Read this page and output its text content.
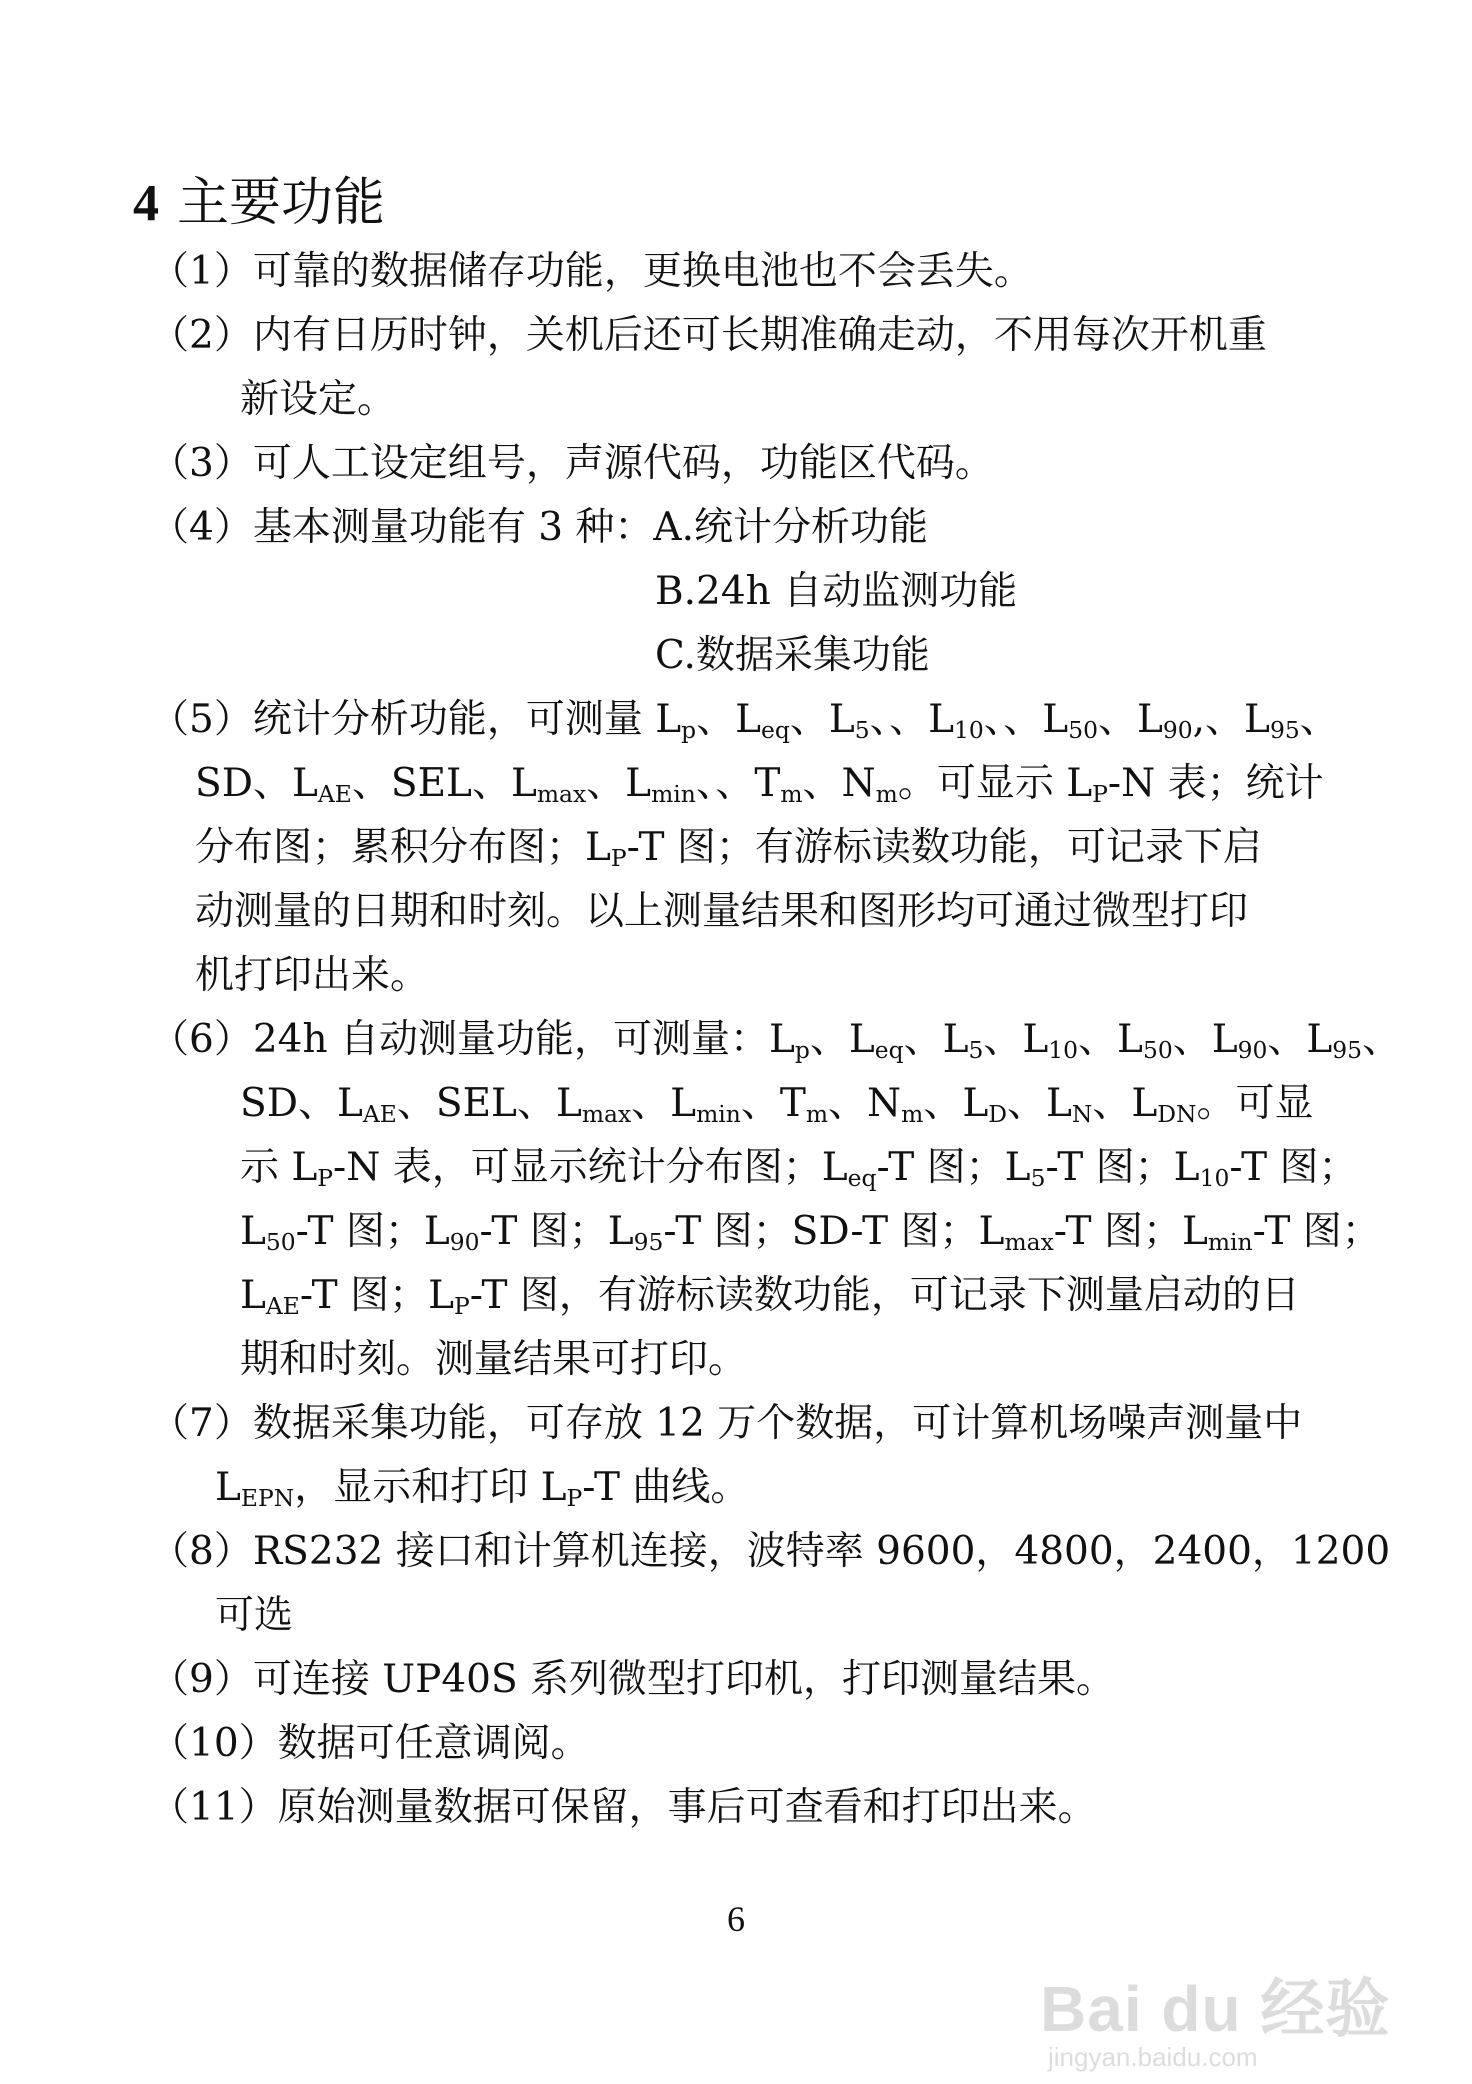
4 主要功能
（1）可靠的数据储存功能，更换电池也不会丢失。
（2）内有日历时钟，关机后还可长期准确走动，不用每次开机重
新设定。
（3）可人工设定组号，声源代码，功能区代码。
（4）基本测量功能有 3 种：A.统计分析功能
B.24h 自动监测功能
C.数据采集功能
（5）统计分析功能，可测量 $L_p$、$L_{eq}$、$L_5$、、$L_{10}$、、$L_{50}$、$L_{90}$,、$L_{95}$、
SD、$L_{AE}$、SEL、$L_{max}$、$L_{min}$、、$T_m$、$N_m$。可显示 $L_P-N$ 表；统计
分布图；累积分布图；$L_P-T$ 图；有游标读数功能，可记录下启
动测量的日期和时刻。以上测量结果和图形均可通过微型打印
机打印出来。
（6）24h 自动测量功能，可测量：$L_p$、$L_{eq}$、$L_5$、$L_{10}$、$L_{50}$、$L_{90}$、$L_{95}$、
SD、$L_{AE}$、SEL、$L_{max}$、$L_{min}$、$T_m$、$N_m$、$L_D$、$L_N$、$L_{DN}$。可显
示 $L_P-N$ 表，可显示统计分布图；$L_{eq}-T$ 图；$L_5-T$ 图；$L_{10}-T$ 图；
$L_{50}-T$ 图；$L_{90}-T$ 图；$L_{95}-T$ 图；SD-T 图；$L_{max}-T$ 图；$L_{min}-T$ 图；
$L_{AE}-T$ 图；$L_P-T$ 图，有游标读数功能，可记录下测量启动的日
期和时刻。测量结果可打印。
（7）数据采集功能，可存放 12 万个数据，可计算机场噪声测量中
$L_{EPN}$，显示和打印 $L_P-T$ 曲线。
（8）RS232 接口和计算机连接，波特率 9600，4800，2400，1200
可选
（9）可连接 UP40S 系列微型打印机，打印测量结果。
（10）数据可任意调阅。
（11）原始测量数据可保留，事后可查看和打印出来。
6
Bai du 经验
jingyan.baidu.com
